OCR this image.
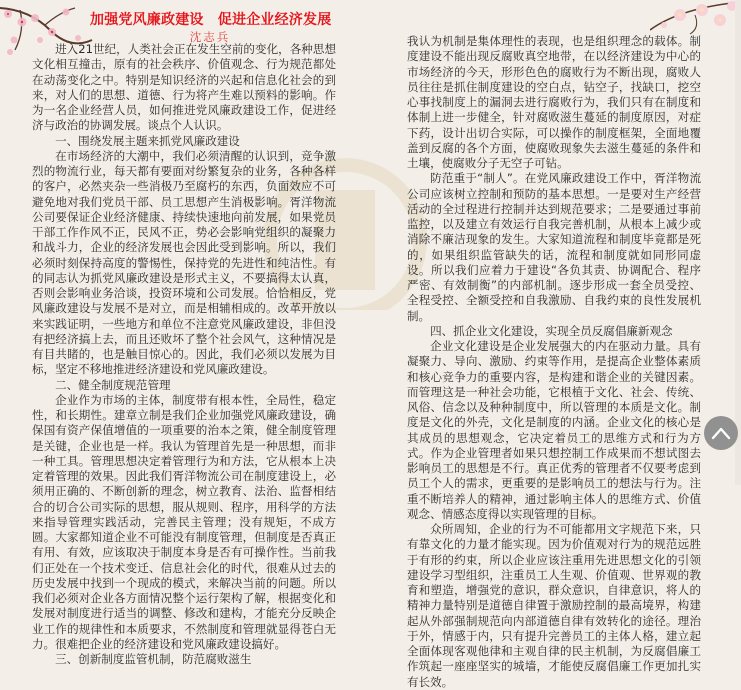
加强党风廉政建设　促进企业经济发展
沈志兵

进入21世纪，人类社会正在发生空前的变化，各种思想文化相互撞击，原有的社会秩序、价值观念、行为规范都处在动荡变化之中。特别是知识经济的兴起和信息化社会的到来，对人们的思想、道德、行为将产生难以预料的影响。作为一名企业经营人员，如何推进党风廉政建设工作，促进经济与政治的协调发展。谈点个人认识。

一、围绕发展主题来抓党风廉政建设

在市场经济的大潮中，我们必须清醒的认识到，竞争激烈的物流行业，每天都有要面对纷繁复杂的业务，各种各样的客户，必然夹杂一些消极乃至腐朽的东西，负面效应不可避免地对我们党员干部、员工思想产生消极影响。胥洋物流公司要保证企业经济健康、持续快速地向前发展，如果党员干部工作作风不正，民风不正，势必会影响党组织的凝聚力和战斗力，企业的经济发展也会因此受到影响。所以，我们必须时刻保持高度的警惕性，保持党的先进性和纯洁性。有的同志认为抓党风廉政建设是形式主义，不要搞得太认真，否则会影响业务洽谈，投资环境和公司发展。恰恰相反，党风廉政建设与发展不是对立，而是相辅相成的。改革开放以来实践证明，一些地方和单位不注意党风廉政建设，非但没有把经济搞上去，而且还败坏了整个社会风气，这种情况是有目共睹的，也是触目惊心的。因此，我们必须以发展为目标，坚定不移地推进经济建设和党风廉政建设。

二、健全制度规范管理

企业作为市场的主体，制度带有根本性，全局性，稳定性，和长期性。建章立制是我们企业加强党风廉政建设，确保国有资产保值增值的一项重要的治本之策，健全制度管理是关键，企业也是一样。我认为管理首先是一种思想，而非一种工具。管理思想决定着管理行为和方法，它从根本上决定着管理的效果。因此我们胥洋物流公司在制度建设上，必须用正确的、不断创新的理念，树立教育、法治、监督相结合的切合公司实际的思想，服从规则、程序，用科学的方法来指导管理实践活动，完善民主管理；没有规矩，不成方圆。大家都知道企业不可能没有制度管理，但制度是否真正有用、有效，应该取决于制度本身是否有可操作性。当前我们正处在一个技术变迁、信息社会化的时代，很难从过去的历史发展中找到一个现成的模式，来解决当前的问题。所以我们必须对企业各方面情况整个运行架构了解，根据变化和发展对制度进行适当的调整、修改和建构，才能充分反映企业工作的规律性和本质要求，不然制度和管理就显得苍白无力。很难把企业的经济建设和党风廉政建设搞好。

三、创新制度监管机制，防范腐败滋生

我认为机制是集体理性的表现，也是组织理念的载体。制度建设不能出现反腐败真空地带，在以经济建设为中心的市场经济的今天，形形色色的腐败行为不断出现，腐败人员往往是抓住制度建设的空白点，钻空子，找缺口，挖空心事找制度上的漏洞去进行腐败行为，我们只有在制度和体制上进一步健全，针对腐败滋生蔓延的制度原因，对症下药，设计出切合实际，可以操作的制度框架，全面地覆盖到反腐的各个方面，使腐败现象失去滋生蔓延的条件和土壤，使腐败分子无空子可钻。

防范重于“制人”。在党风廉政建设工作中，胥洋物流公司应该树立控制和预防的基本思想。一是要对生产经营活动的全过程进行控制并达到规范要求；二是要通过事前监控，以及建立有效运行自我完善机制，从根本上减少或消除不廉洁现象的发生。大家知道流程和制度毕竟都是死的，如果组织监管缺失的话，流程和制度就如同形同虚设。所以我们应着力于建设“各负其责、协调配合、程序严密、有效制衡”的内部机制。逐步形成一套全员受控、全程受控、全额受控和自我激励、自我约束的良性发展机制。

四、抓企业文化建设，实现全员反腐倡廉新观念

企业文化建设是企业发展强大的内在驱动力量。具有凝聚力、导向、激励、约束等作用，是提高企业整体素质和核心竞争力的重要内容，是构建和谐企业的关键因素。而管理这是一种社会功能，它根植于文化、社会、传统、风俗、信念以及种种制度中，所以管理的本质是文化。制度是文化的外壳，文化是制度的内涵。企业文化的核心是其成员的思想观念，它决定着员工的思维方式和行为方式。作为企业管理者如果只想控制工作成果而不想试图去影响员工的思想是不行。真正优秀的管理者不仅要考虑到员工个人的需求，更重要的是影响员工的想法与行为。注重不断培养人的精神，通过影响主体人的思维方式、价值观念、情感态度得以实现管理的目标。

众所周知，企业的行为不可能都用文字规范下来，只有靠文化的力量才能实现。因为价值观对行为的规范远胜于有形的约束，所以企业应该注重用先进思想文化的引领建设学习型组织，注重员工人生观、价值观、世界观的教育和塑造，增强党的意识，群众意识，自律意识，将人的精神力量特别是道德自律置于激励控制的最高境界，构建起从外部强制规范向内部道德自律有效转化的途径。理治于外，情感于内，只有提升完善员工的主体人格，建立起全面体现客观他律和主观自律的民主机制，为反腐倡廉工作筑起一座座坚实的城墙，才能使反腐倡廉工作更加扎实有长效。
